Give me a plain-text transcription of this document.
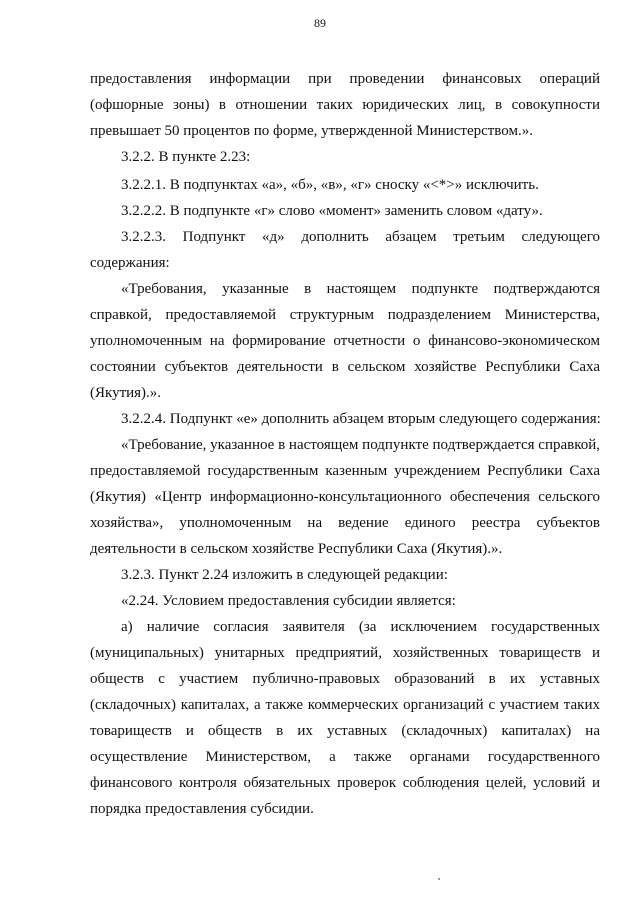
89
предоставления информации при проведении финансовых операций
(офшорные зоны) в отношении таких юридических лиц, в совокупности
превышает 50 процентов по форме, утвержденной Министерством.».
3.2.2. В пункте 2.23:
3.2.2.1. В подпунктах «а», «б», «в», «г» сноску «<*>» исключить.
3.2.2.2. В подпункте «г» слово «момент» заменить словом «дату».
3.2.2.3. Подпункт «д» дополнить абзацем третьим следующего
содержания:
«Требования, указанные в настоящем подпункте подтверждаются
справкой, предоставляемой структурным подразделением Министерства,
уполномоченным на формирование отчетности о финансово-экономическом
состоянии субъектов деятельности в сельском хозяйстве Республики Саха
(Якутия).».
3.2.2.4. Подпункт «е» дополнить абзацем вторым следующего содержания:
«Требование, указанное в настоящем подпункте подтверждается справкой,
предоставляемой государственным казенным учреждением Республики Саха
(Якутия) «Центр информационно-консультационного обеспечения сельского
хозяйства», уполномоченным на ведение единого реестра субъектов
деятельности в сельском хозяйстве Республики Саха (Якутия).».
3.2.3. Пункт 2.24 изложить в следующей редакции:
«2.24. Условием предоставления субсидии является:
а) наличие согласия заявителя (за исключением государственных
(муниципальных) унитарных предприятий, хозяйственных товариществ и
обществ с участием публично-правовых образований в их уставных
(складочных) капиталах, а также коммерческих организаций с участием таких
товариществ и обществ в их уставных (складочных) капиталах) на
осуществление Министерством, а также органами государственного
финансового контроля обязательных проверок соблюдения целей, условий и
порядка предоставления субсидии.
